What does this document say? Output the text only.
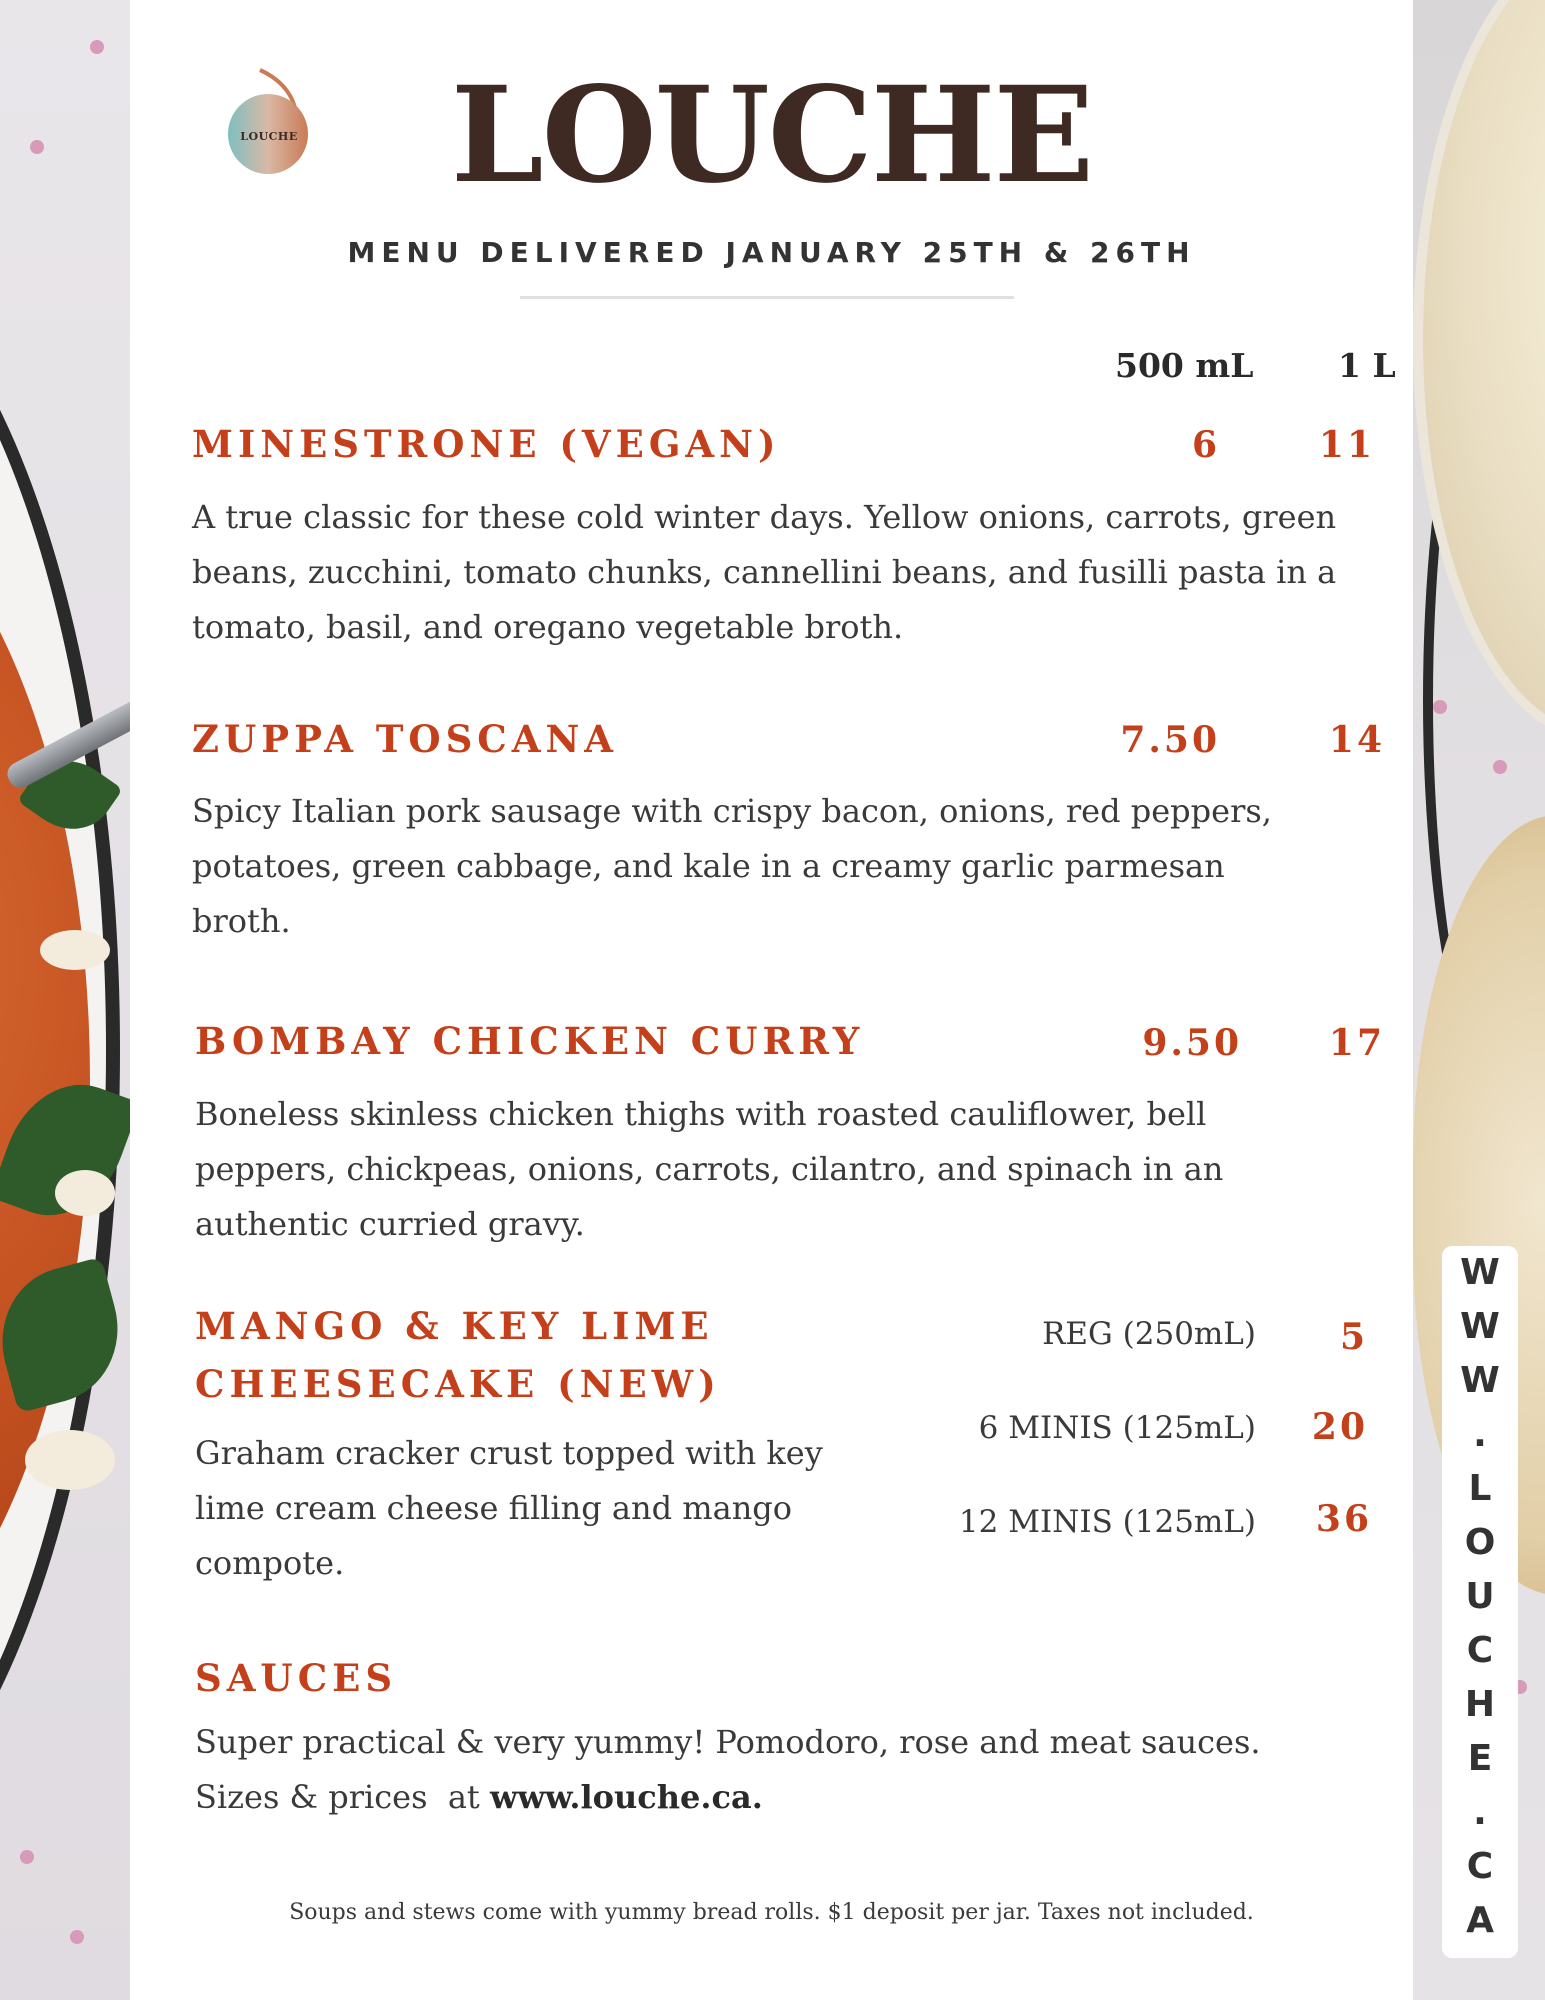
LOUCHE	LOUCHE
MENU DELIVERED JANUARY 25TH & 26TH
500 mL	1 L
MINESTRONE (VEGAN)	6	11
A true classic for these cold winter days. Yellow onions, carrots, green beans, zucchini, tomato chunks, cannellini beans, and fusilli pasta in a tomato, basil, and oregano vegetable broth.
ZUPPA TOSCANA	7.50	14
Spicy Italian pork sausage with crispy bacon, onions, red peppers, potatoes, green cabbage, and kale in a creamy garlic parmesan broth.
BOMBAY CHICKEN CURRY	9.50	17
Boneless skinless chicken thighs with roasted cauliflower, bell peppers, chickpeas, onions, carrots, cilantro, and spinach in an authentic curried gravy.
MANGO & KEY LIME
CHEESECAKE (NEW)
Graham cracker crust topped with key lime cream cheese filling and mango compote.
REG (250mL)	5
6 MINIS (125mL)	20
12 MINIS (125mL)	36
SAUCES
Super practical & very yummy! Pomodoro, rose and meat sauces.
Sizes & prices  at www.louche.ca.
Soups and stews come with yummy bread rolls. $1 deposit per jar. Taxes not included.
W
W
W
.
L
O
U
C
H
E
.
C
A
